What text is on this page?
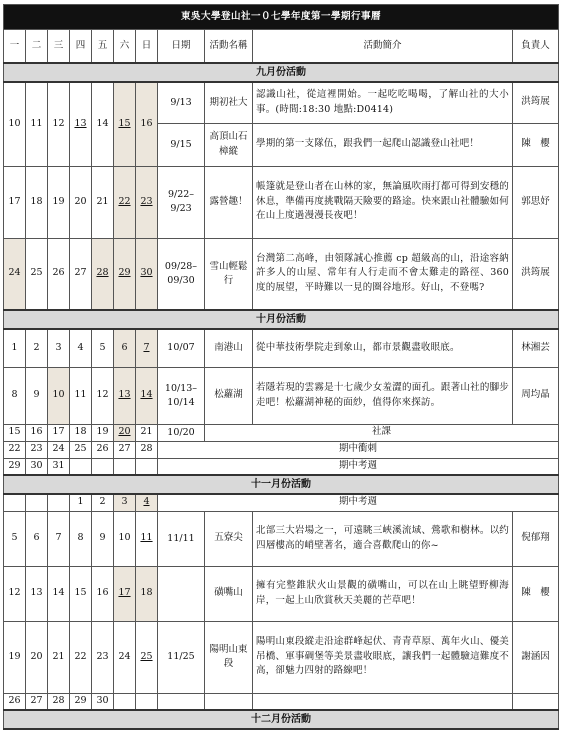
東吳大學登山社一０七學年度第一學期行事曆										
一	二	三	四	五	六	日	日期	活動名稱	活動簡介	負責人
九月份活動										
10	11	12	13	14	15	16	9/13	期初社大	認識山社，從這裡開始。一起吃吃喝喝，了解山社的大小事。(時間:18:30 地點:D0414)	洪筠展
							9/15	高頂山石樟縱	學期的第一支隊伍，跟我們一起爬山認識登山社吧！	陳　櫻
17	18	19	20	21	22	23	9/22–9/23	露營趣！	帳篷就是登山者在山林的家，無論風吹雨打都可得到安穩的休息，準備再度挑戰隔天險要的路途。快來跟山社體驗如何在山上度過漫漫長夜吧！	郭思妤
24	25	26	27	28	29	30	09/28–09/30	雪山輕鬆行	台灣第二高峰，由領隊誠心推薦 cp 超級高的山，沿途容納許多人的山屋、常年有人行走而不會太難走的路徑、360 度的展望，平時難以一見的圈谷地形。好山，不登嗎?	洪筠展
十月份活動										
1	2	3	4	5	6	7	10/07	南港山	從中華技術學院走到象山，都市景觀盡收眼底。	林湘芸
8	9	10	11	12	13	14	10/13–10/14	松蘿湖	若隱若現的雲霧是十七歲少女羞澀的面孔。跟著山社的腳步走吧！松蘿湖神秘的面紗，值得你來探訪。	周均晶
15	16	17	18	19	20	21	10/20	社課		
22	23	24	25	26	27	28	期中衝刺			
29	30	31					期中考週			
十一月份活動										
			1	2	3	4	期中考週			
5	6	7	8	9	10	11	11/11	五寮尖	北部三大岩場之一，可遠眺三峽溪流域、鶯歌和樹林。以约四層樓高的峭壁著名，適合喜歡爬山的你~	倪郁翔
12	13	14	15	16	17	18		磺嘴山	擁有完整錐狀火山景觀的磺嘴山，可以在山上眺望野柳海岸，一起上山欣賞秋天美麗的芒草吧！	陳　櫻
19	20	21	22	23	24	25	11/25	陽明山東段	陽明山東段縱走沿途群峰起伏、青青草原、萬年火山、優美吊橋、軍事碉堡等美景盡收眼底，讓我們一起體驗這難度不高，卻魅力四射的路線吧！	謝涵因
26	27	28	29	30						
十二月份活動										
